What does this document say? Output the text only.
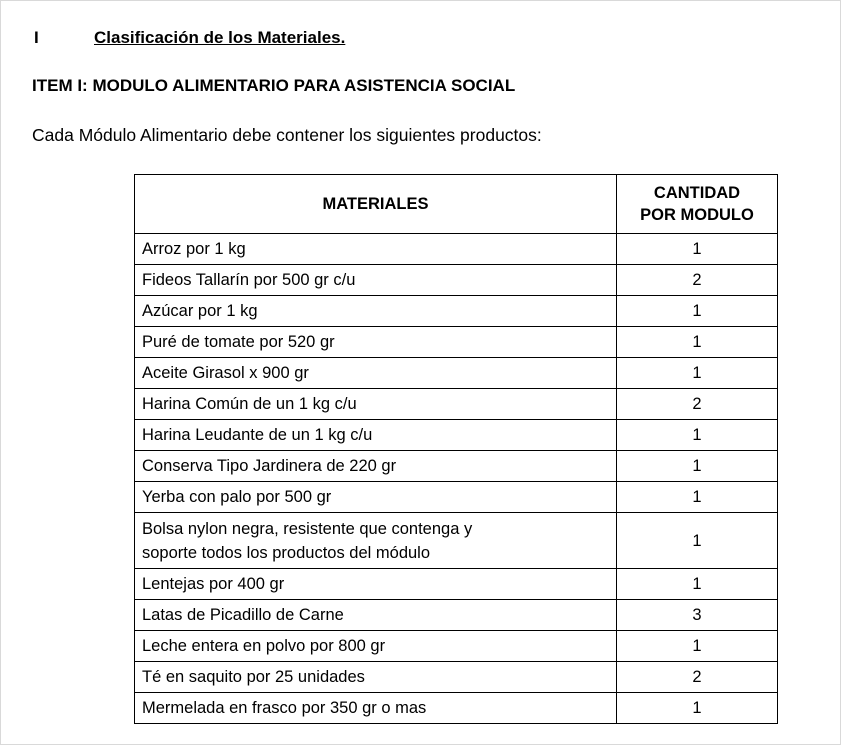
I	Clasificación de los Materiales.
ITEM I: MODULO ALIMENTARIO PARA ASISTENCIA SOCIAL
Cada Módulo Alimentario debe contener los siguientes productos:
MATERIALES	CANTIDAD
POR MODULO
Arroz por 1 kg	1
Fideos Tallarín por 500 gr c/u	2
Azúcar por 1 kg	1
Puré de tomate por 520 gr	1
Aceite Girasol x 900 gr	1
Harina Común de un 1 kg c/u	2
Harina Leudante de un 1 kg c/u	1
Conserva Tipo Jardinera de 220 gr	1
Yerba con palo por 500 gr	1
Bolsa nylon negra, resistente que contenga y
soporte todos los productos del módulo	1
Lentejas por 400 gr	1
Latas de Picadillo de Carne	3
Leche entera en polvo por 800 gr	1
Té en saquito por 25 unidades	2
Mermelada en frasco por 350 gr o mas	1
